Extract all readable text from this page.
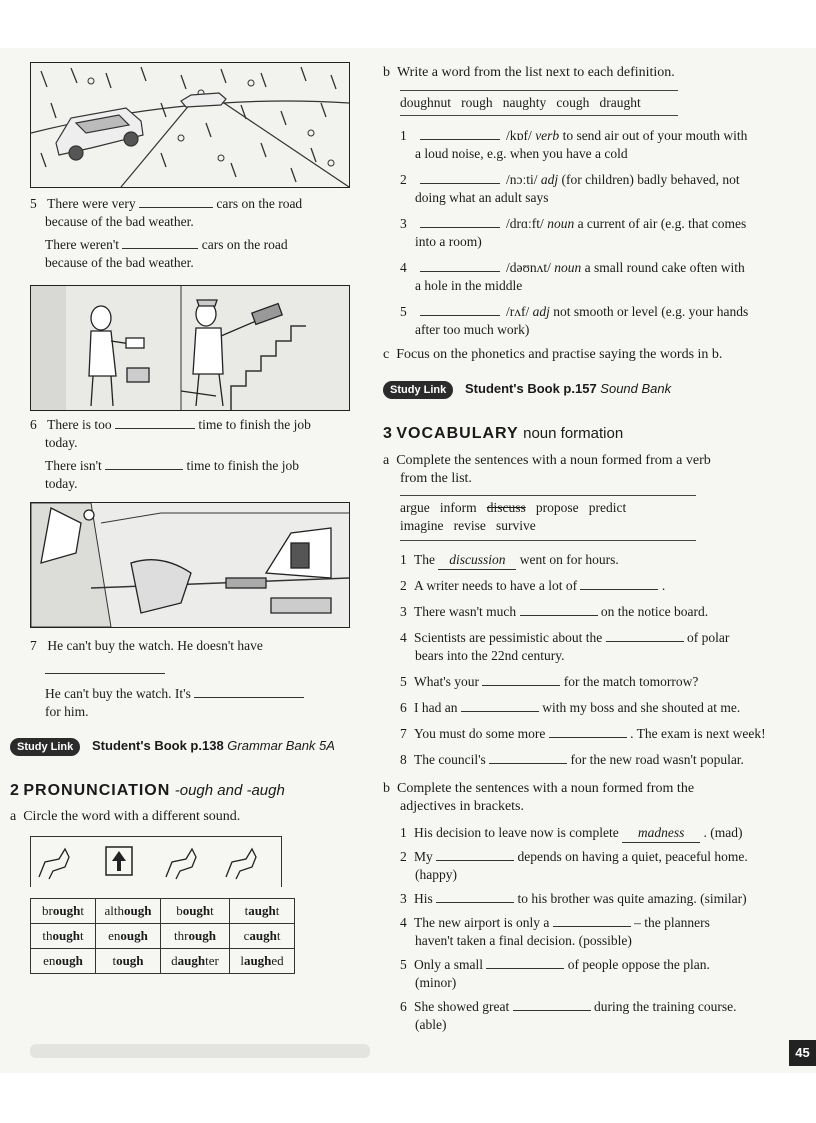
5 There were very	cars on the road
because of the bad weather.
There weren't	cars on the road
because of the bad weather.
6 There is too	time to finish the job
today.
There isn't	time to finish the job
today.
7 He can't buy the watch. He doesn't have
He can't buy the watch. It's
for him.
Study Link	Student's Book p.138 Grammar Bank 5A
2 PRONUNCIATION -ough and -augh
a Circle the word with a different sound.
brought	although	bought	taught
thought	enough	through	caught
enough	tough	daughter	laughed
b Write a word from the list next to each definition.
doughnut   rough   naughty   cough   draught
1	/kɒf/ verb to send air out of your mouth with
a loud noise, e.g. when you have a cold
2	/nɔːti/ adj (for children) badly behaved, not
doing what an adult says
3	/drɑːft/ noun a current of air (e.g. that comes
into a room)
4	/dəʊnʌt/ noun a small round cake often with
a hole in the middle
5	/rʌf/ adj not smooth or level (e.g. your hands
after too much work)
c Focus on the phonetics and practise saying the words in b.
Study Link	Student's Book p.157 Sound Bank
3 VOCABULARY noun formation
a Complete the sentences with a noun formed from a verb
from the list.
argue   inform discuss propose   predict
imagine   revise   survive
1 The discussion went on for hours.
2 A writer needs to have a lot of	.
3 There wasn't much	on the notice board.
4 Scientists are pessimistic about the	of polar
bears into the 22nd century.
5 What's your	for the match tomorrow?
6 I had an	with my boss and she shouted at me.
7 You must do some more	. The exam is next week!
8 The council's	for the new road wasn't popular.
b Complete the sentences with a noun formed from the
adjectives in brackets.
1 His decision to leave now is complete madness . (mad)
2 My	depends on having a quiet, peaceful home.
(happy)
3 His	to his brother was quite amazing. (similar)
4 The new airport is only a	– the planners
haven't taken a final decision. (possible)
5 Only a small	of people oppose the plan.
(minor)
6 She showed great	during the training course.
(able)
45
